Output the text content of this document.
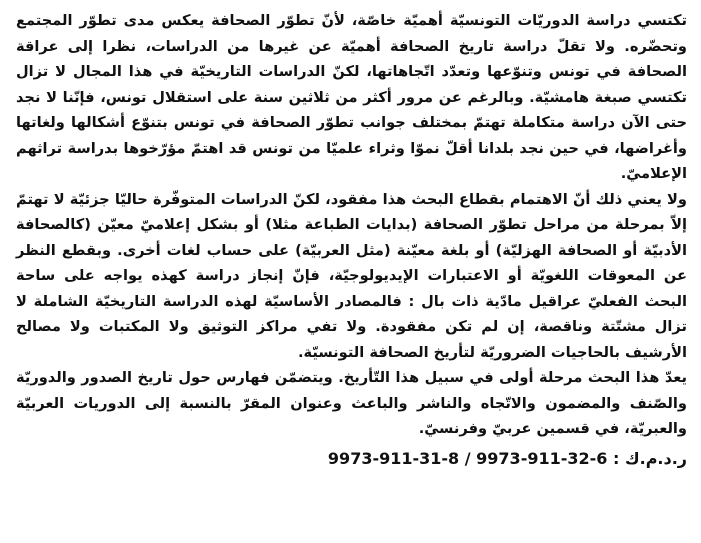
تكتسي دراسة الدوريّات التونسيّة أهميّة خاصّة، لأنّ تطوّر الصحافة يعكس مدى تطوّر المجتمع وتحضّره. ولا تقلّ دراسة تاريخ الصحافة أهميّة عن غيرها من الدراسات، نظرا إلى عراقة الصحافة في تونس وتنوّعها وتعدّد اتّجاهاتها، لكنّ الدراسات التاريخيّة في هذا المجال لا تزال تكتسي صبغة هامشيّة. وبالرغم عن مرور أكثر من ثلاثين سنة على استقلال تونس، فإنّنا لا نجد حتى الآن دراسة متكاملة تهتمّ بمختلف جوانب تطوّر الصحافة في تونس بتنوّع أشكالها ولغاتها وأغراضها، في حين نجد بلدانا أقلّ نموّا وثراء علميّا من تونس قد اهتمّ مؤرّخوها بدراسة تراثهم الإعلاميّ.

ولا يعني ذلك أنّ الاهتمام بقطاع البحث هذا مفقود، لكنّ الدراسات المتوفّرة حاليّا جزئيّة لا تهتمّ إلاّ بمرحلة من مراحل تطوّر الصحافة (بدايات الطباعة مثلا) أو بشكل إعلاميّ معيّن (كالصحافة الأدبيّة أو الصحافة الهزليّة) أو بلغة معيّنة (مثل العربيّة) على حساب لغات أخرى. وبقطع النظر عن المعوقات اللغويّة أو الاعتبارات الإيديولوجيّة، فإنّ إنجاز دراسة كهذه يواجه على ساحة البحث الفعليّ عراقيل مادّية ذات بال : فالمصادر الأساسيّة لهذه الدراسة التاريخيّة الشاملة لا تزال مشتّتة وناقصة، إن لم تكن مفقودة. ولا تفي مراكز التوثيق ولا المكتبات ولا مصالح الأرشيف بالحاجيات الضروريّة لتأريخ الصحافة التونسيّة.

يعدّ هذا البحث مرحلة أولى في سبيل هذا التّأريخ. ويتضمّن فهارس حول تاريخ الصدور والدوريّة والصّنف والمضمون والاتّجاه والناشر والباعث وعنوان المقرّ بالنسبة إلى الدوريات العربيّة والعبريّة، في قسمين عربيّ وفرنسيّ.

ر.د.م.ك : 9973-911-31-8 / 9973-911-32-6
